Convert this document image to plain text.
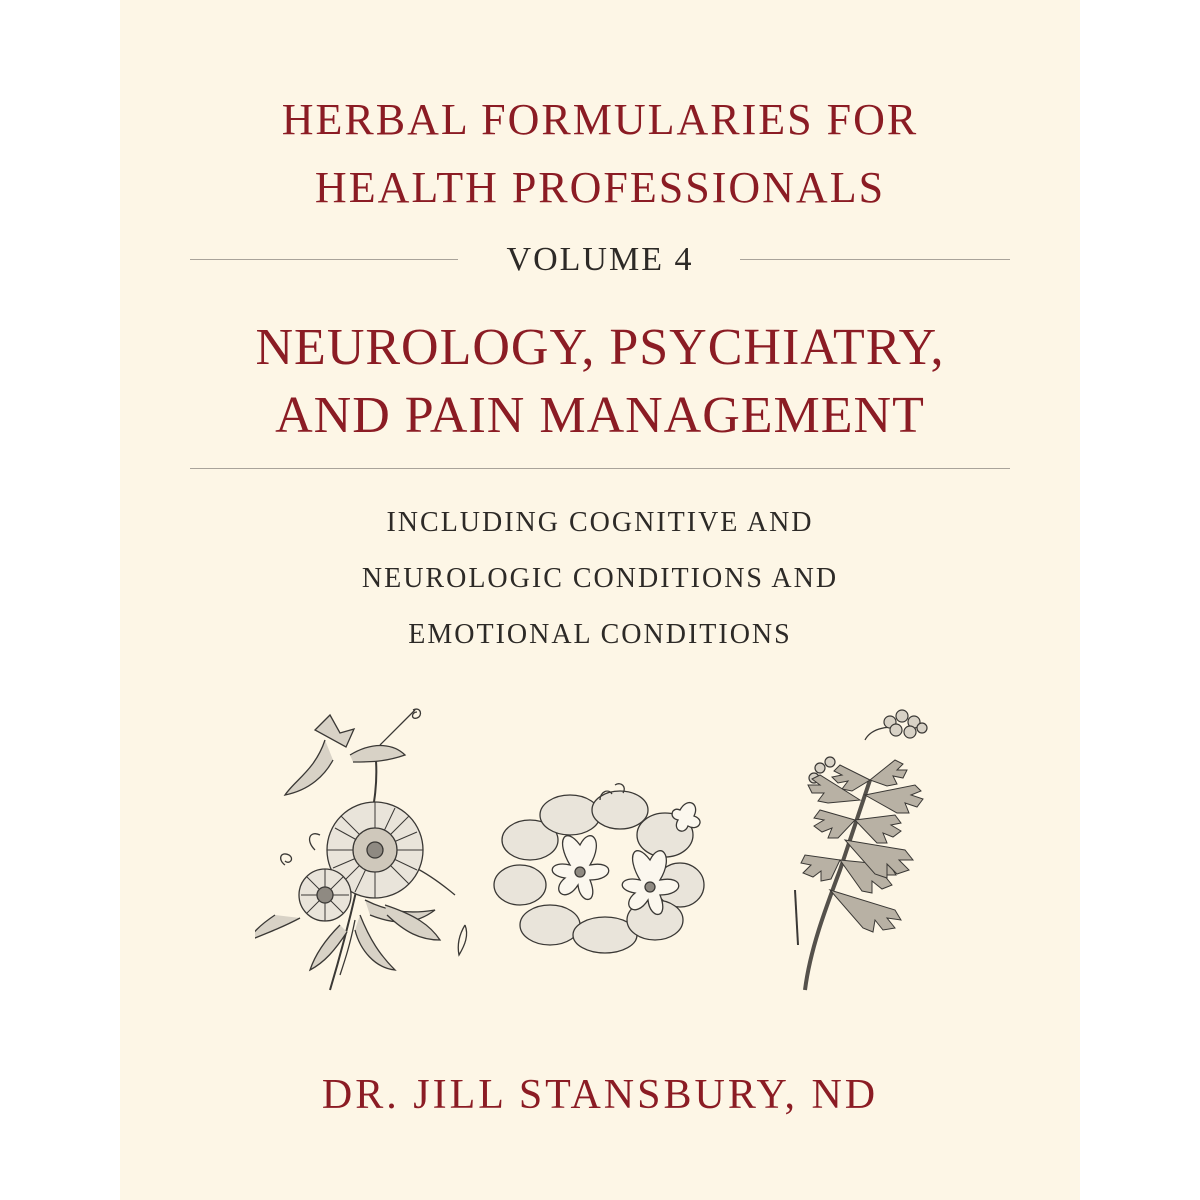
HERBAL FORMULARIES FOR
HEALTH PROFESSIONALS
VOLUME 4
NEUROLOGY, PSYCHIATRY,
AND PAIN MANAGEMENT
INCLUDING COGNITIVE AND
NEUROLOGIC CONDITIONS AND
EMOTIONAL CONDITIONS
DR. JILL STANSBURY, ND
